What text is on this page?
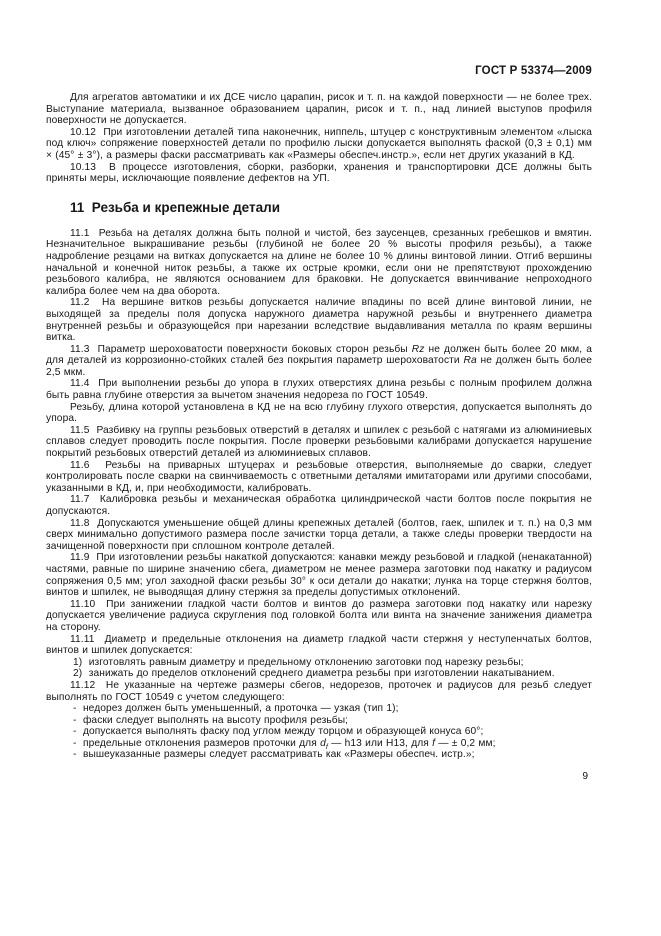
ГОСТ Р 53374—2009

Для агрегатов автоматики и их ДСЕ число царапин, рисок и т. п. на каждой поверхности — не более трех. Выступание материала, вызванное образованием царапин, рисок и т. п., над линией выступов профиля поверхности не допускается.

10.12  При изготовлении деталей типа наконечник, ниппель, штуцер с конструктивным элементом «лыска под ключ» сопряжение поверхностей детали по профилю лыски допускается выполнять фаской (0,3 ± 0,1) мм × (45° ± 3°), а размеры фаски рассматривать как «Размеры обеспеч.инстр.», если нет других указаний в КД.

10.13  В процессе изготовления, сборки, разборки, хранения и транспортировки ДСЕ должны быть приняты меры, исключающие появление дефектов на УП.

11  Резьба и крепежные детали

11.1  Резьба на деталях должна быть полной и чистой, без заусенцев, срезанных гребешков и вмятин. Незначительное выкрашивание резьбы (глубиной не более 20 % высоты профиля резьбы), а также надробление резцами на витках допускается на длине не более 10 % длины винтовой линии. Отгиб вершины начальной и конечной ниток резьбы, а также их острые кромки, если они не препятствуют прохождению резьбового калибра, не являются основанием для браковки. Не допускается ввинчивание непроходного калибра более чем на два оборота.

11.2  На вершине витков резьбы допускается наличие впадины по всей длине винтовой линии, не выходящей за пределы поля допуска наружного диаметра наружной резьбы и внутреннего диаметра внутренней резьбы и образующейся при нарезании вследствие выдавливания металла по краям вершины витка.

11.3  Параметр шероховатости поверхности боковых сторон резьбы Rz не должен быть более 20 мкм, а для деталей из коррозионно-стойких сталей без покрытия параметр шероховатости Ra не должен быть более 2,5 мкм.

11.4  При выполнении резьбы до упора в глухих отверстиях длина резьбы с полным профилем должна быть равна глубине отверстия за вычетом значения недореза по ГОСТ 10549.

Резьбу, длина которой установлена в КД не на всю глубину глухого отверстия, допускается выполнять до упора.

11.5  Разбивку на группы резьбовых отверстий в деталях и шпилек с резьбой с натягами из алюминиевых сплавов следует проводить после покрытия. После проверки резьбовыми калибрами допускается нарушение покрытий резьбовых отверстий деталей из алюминиевых сплавов.

11.6  Резьбы на приварных штуцерах и резьбовые отверстия, выполняемые до сварки, следует контролировать после сварки на свинчиваемость с ответными деталями имитаторами или другими способами, указанными в КД, и, при необходимости, калибровать.

11.7  Калибровка резьбы и механическая обработка цилиндрической части болтов после покрытия не допускаются.

11.8  Допускаются уменьшение общей длины крепежных деталей (болтов, гаек, шпилек и т. п.) на 0,3 мм сверх минимально допустимого размера после зачистки торца детали, а также следы проверки твердости на зачищенной поверхности при сплошном контроле деталей.

11.9  При изготовлении резьбы накаткой допускаются: канавки между резьбовой и гладкой (ненакатанной) частями, равные по ширине значению сбега, диаметром не менее размера заготовки под накатку и радиусом сопряжения 0,5 мм; угол заходной фаски резьбы 30° к оси детали до накатки; лунка на торце стержня болтов, винтов и шпилек, не выводящая длину стержня за пределы допустимых отклонений.

11.10  При занижении гладкой части болтов и винтов до размера заготовки под накатку или нарезку допускается увеличение радиуса скругления под головкой болта или винта на значение занижения диаметра на сторону.

11.11  Диаметр и предельные отклонения на диаметр гладкой части стержня у неступенчатых болтов, винтов и шпилек допускается:

1)  изготовлять равным диаметру и предельному отклонению заготовки под нарезку резьбы;

2)  занижать до пределов отклонений среднего диаметра резьбы при изготовлении накатыванием.

11.12  Не указанные на чертеже размеры сбегов, недорезов, проточек и радиусов для резьб следует выполнять по ГОСТ 10549 с учетом следующего:

-  недорез должен быть уменьшенный, а проточка — узкая (тип 1);

-  фаски следует выполнять на высоту профиля резьбы;

-  допускается выполнять фаску под углом между торцом и образующей конуса 60°;

-  предельные отклонения размеров проточки для $d_f$ — h13 или Н13, для f — ± 0,2 мм;

-  вышеуказанные размеры следует рассматривать как «Размеры обеспеч. истр.»;

9
